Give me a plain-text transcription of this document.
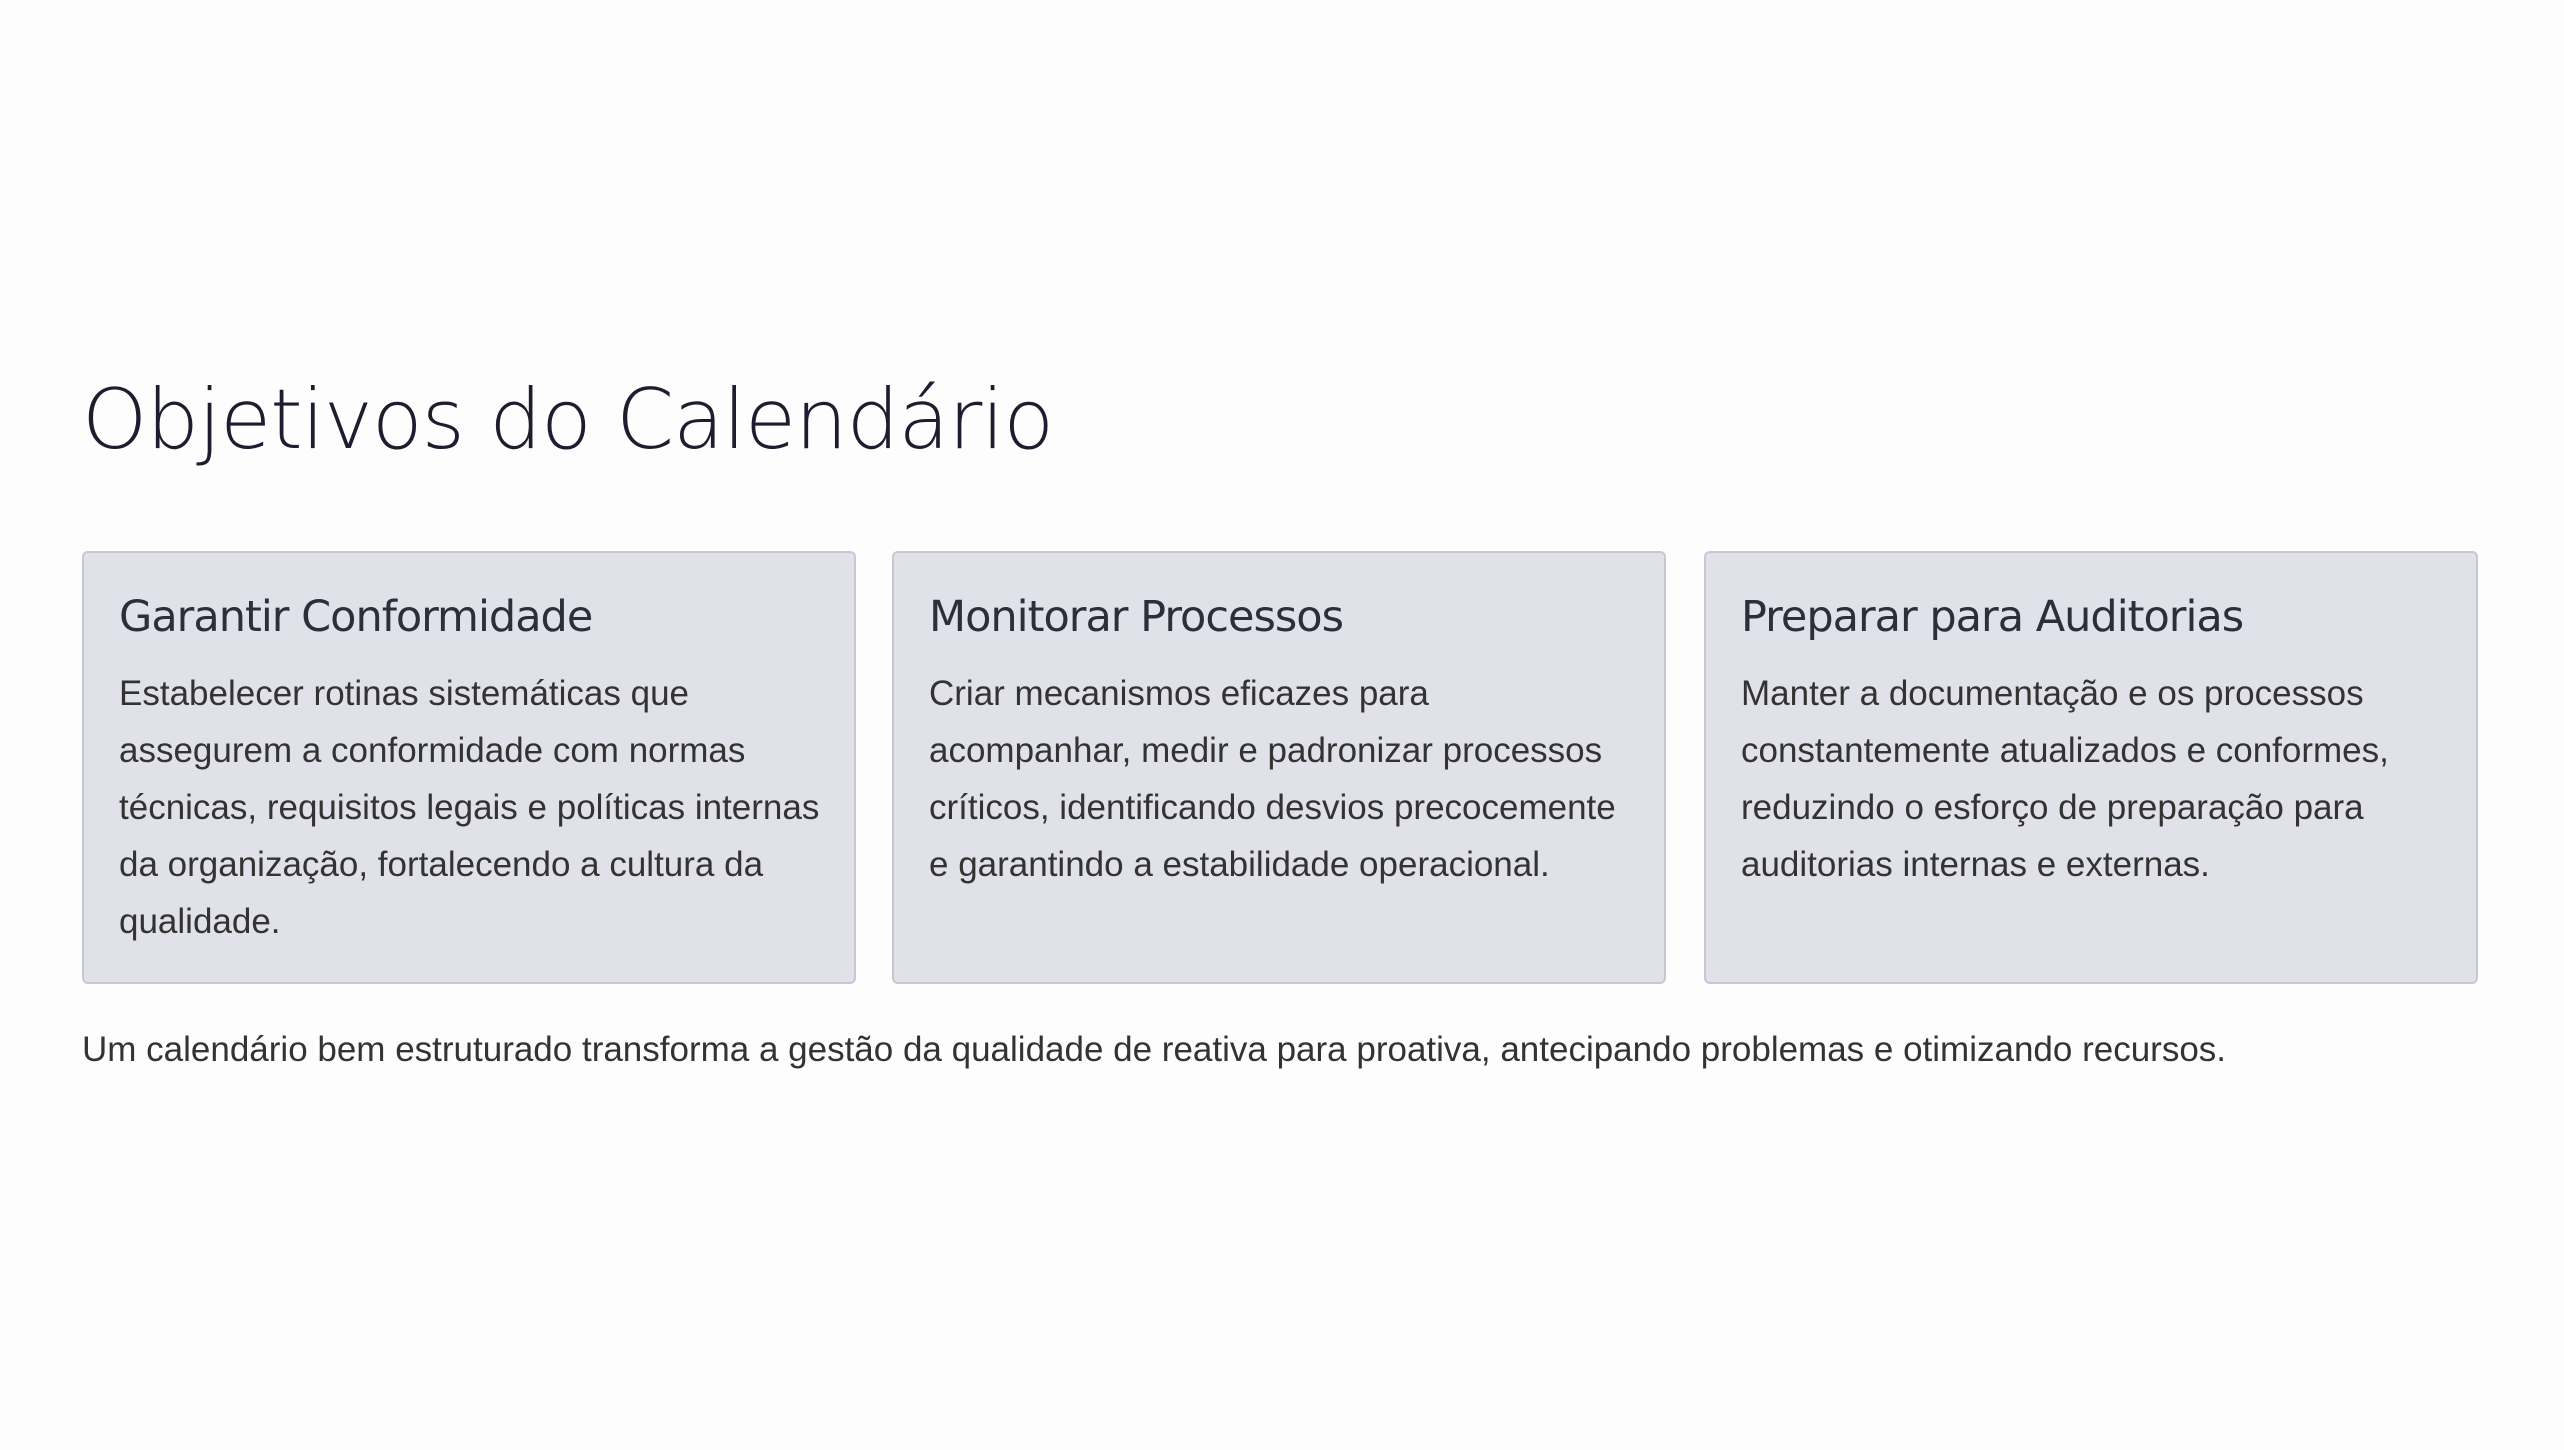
Objetivos do Calendário
Garantir Conformidade

Estabelecer rotinas sistemáticas que assegurem a conformidade com normas técnicas, requisitos legais e políticas internas da organização, fortalecendo a cultura da qualidade.

Monitorar Processos

Criar mecanismos eficazes para acompanhar, medir e padronizar processos críticos, identificando desvios precocemente e garantindo a estabilidade operacional.

Preparar para Auditorias

Manter a documentação e os processos constantemente atualizados e conformes, reduzindo o esforço de preparação para auditorias internas e externas.

Um calendário bem estruturado transforma a gestão da qualidade de reativa para proativa, antecipando problemas e otimizando recursos.
